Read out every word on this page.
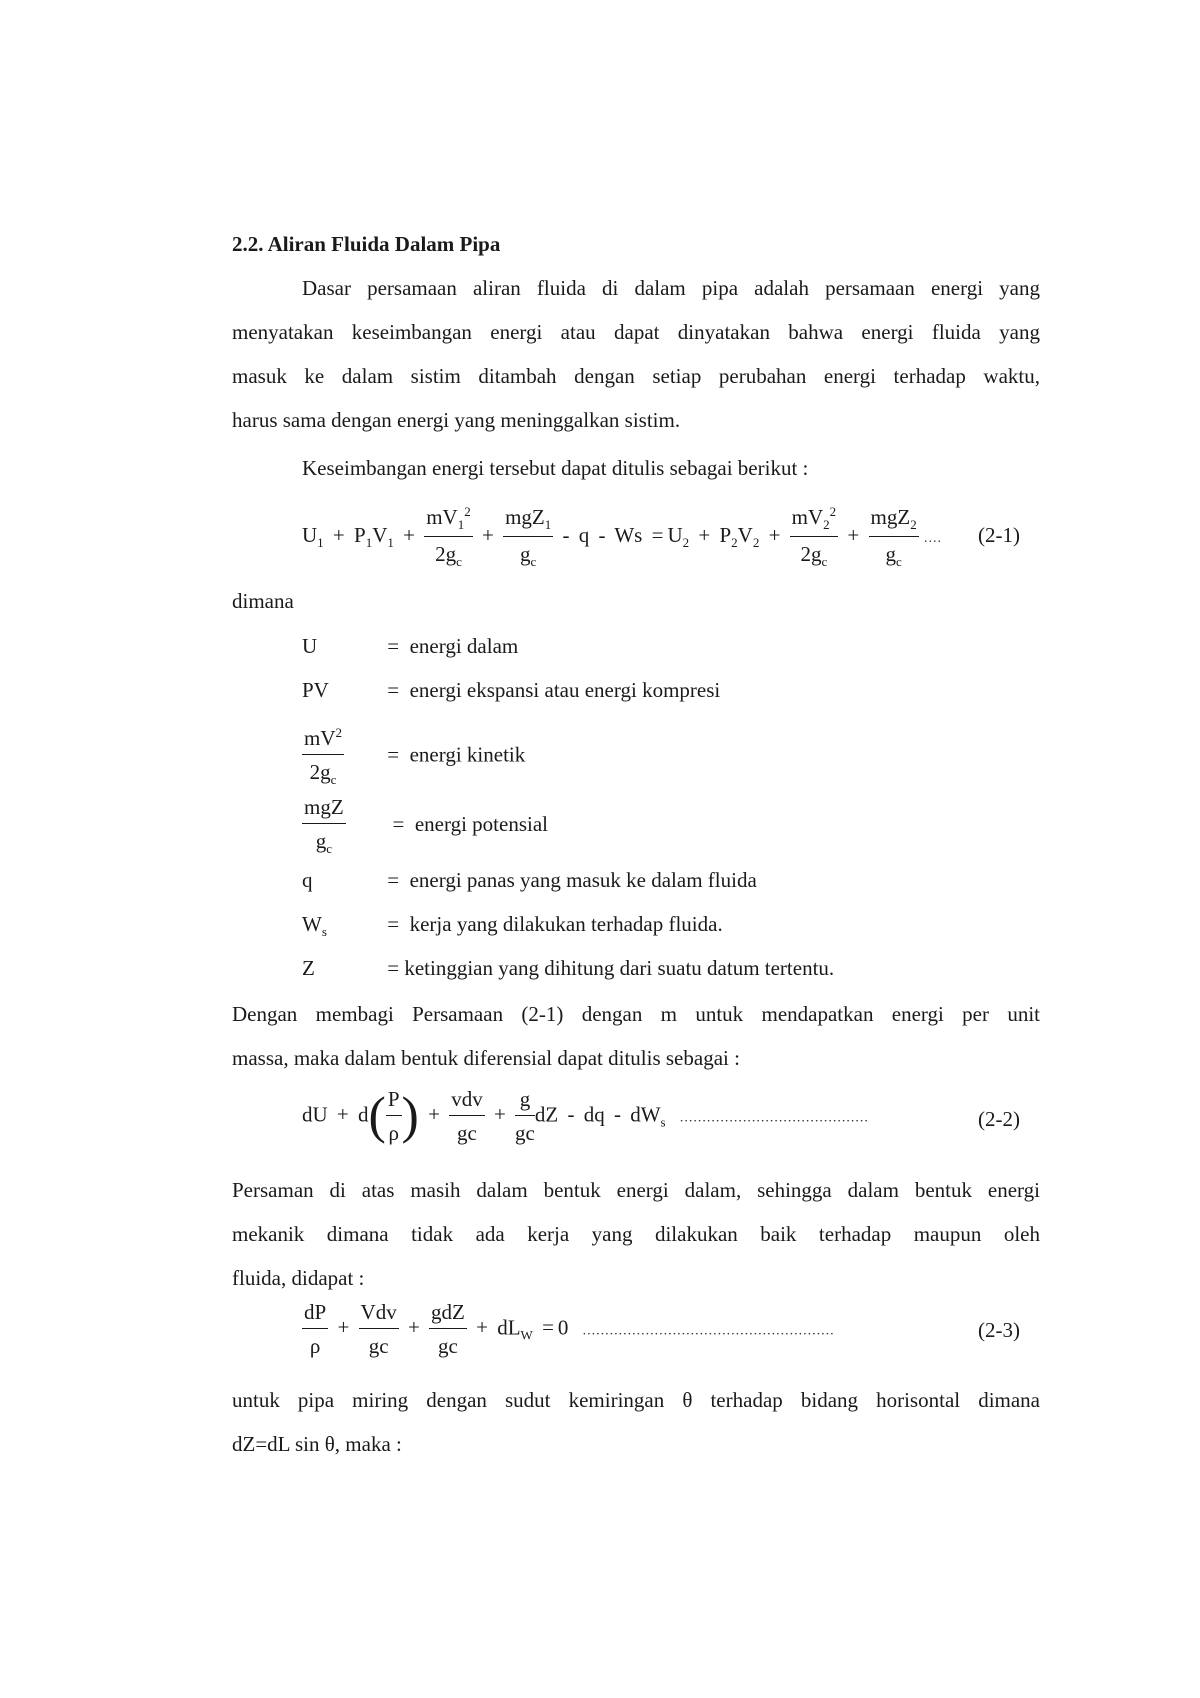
2.2. Aliran Fluida Dalam Pipa
Dasar persamaan aliran fluida di dalam pipa adalah persamaan energi yang
menyatakan keseimbangan energi atau dapat dinyatakan bahwa energi fluida yang
masuk ke dalam sistim ditambah dengan setiap perubahan energi terhadap waktu,
harus sama dengan energi yang meninggalkan sistim.
Keseimbangan energi tersebut dapat ditulis sebagai berikut :
$U_1 + P_1V_1 + \frac{mV_1^2}{2g_c} + \frac{mgZ_1}{g_c} - q - Ws = U_2 + P_2V_2 + \frac{mV_2^2}{2g_c} + \frac{mgZ_2}{g_c}$ .... (2-1)
dimana
U	= energi dalam
PV	= energi ekspansi atau energi kompresi
$\frac{mV^2}{2g_c}$ = energi kinetik
$\frac{\text{mgZ}}{g_c}$ = energi potensial
q	= energi panas yang masuk ke dalam fluida
$W_s$	= kerja yang dilakukan terhadap fluida.
Z	= ketinggian yang dihitung dari suatu datum tertentu.
Dengan membagi Persamaan (2-1) dengan m untuk mendapatkan energi per unit
massa, maka dalam bentuk diferensial dapat ditulis sebagai :
dU + $d( \frac{P}{\rho}$ ) + $\frac{\text{vdv}}{gc} + \frac{g}{gc}$ dZ - dq - $dW_s$   ..........................................	(2-2)
Persaman di atas masih dalam bentuk energi dalam, sehingga dalam bentuk energi
mekanik dimana tidak ada kerja yang dilakukan baik terhadap maupun oleh
fluida, didapat :
$\frac{dP}{\rho} + \frac{\text{Vdv}}{gc} + \frac{\text{gdZ}}{gc} + dL_W = 0$   ........................................................	(2-3)
untuk pipa miring dengan sudut kemiringan θ terhadap bidang horisontal dimana
dZ=dL sin θ, maka :
